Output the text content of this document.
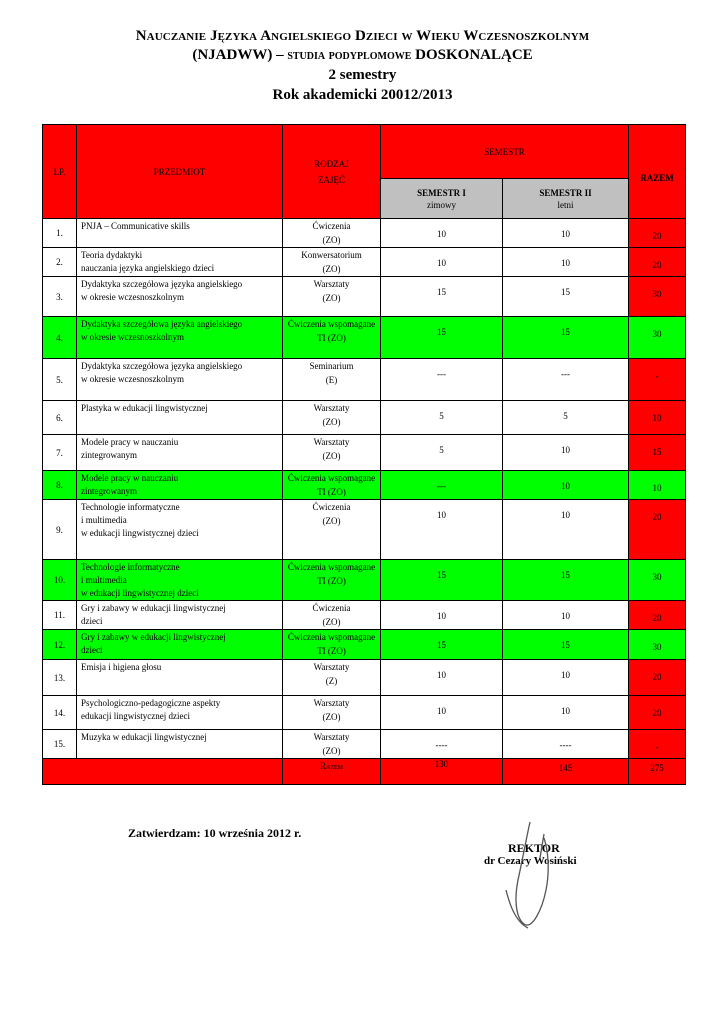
Nauczanie Języka Angielskiego Dzieci w Wieku Wczesnoszkolnym
(NJADWW) – studia podyplomowe DOSKONALĄCE
2 semestry
Rok akademicki 20012/2013
LP.	PRZEDMIOT	RODZAJ
ZAJĘĆ	SEMESTR		RAZEM
			SEMESTR I
zimowy	SEMESTR II
letni	
1.	PNJA – Communicative skills	Ćwiczenia
(ZO)	10	10	20
2.	Teoria dydaktyki
nauczania języka angielskiego dzieci	Konwersatorium
(ZO)	10	10	20
3.	Dydaktyka szczegółowa języka angielskiego
w okresie wczesnoszkolnym	Warsztaty
(ZO)	15	15	30
4.	Dydaktyka szczegółowa języka angielskiego
w okresie wczesnoszkolnym	Ćwiczenia wspomagane
TI (ZO)	15	15	30
5.	Dydaktyka szczegółowa języka angielskiego
w okresie wczesnoszkolnym	Seminarium
(E)	---	---	-
6.	Plastyka w edukacji lingwistycznej	Warsztaty
(ZO)	5	5	10
7.	Modele pracy w nauczaniu
zintegrowanym	Warsztaty
(ZO)	5	10	15
8.	Modele pracy w nauczaniu
zintegrowanym	Ćwiczenia wspomagane
TI (ZO)	---	10	10
9.	Technologie informatyczne
i multimedia
w edukacji lingwistycznej dzieci	Ćwiczenia
(ZO)	10	10	20
10.	Technologie informatyczne
i multimedia
w edukacji lingwistycznej dzieci	Ćwiczenia wspomagane
TI (ZO)	15	15	30
11.	Gry i zabawy w edukacji lingwistycznej
dzieci	Ćwiczenia
(ZO)	10	10	20
12.	Gry i zabawy w edukacji lingwistycznej
dzieci	Ćwiczenia wspomagane
TI (ZO)	15	15	30
13.	Emisja i higiena głosu	Warsztaty
(Z)	10	10	20
14.	Psychologiczno-pedagogiczne aspekty
edukacji lingwistycznej dzieci	Warsztaty
(ZO)	10	10	20
15.	Muzyka w edukacji lingwistycznej	Warsztaty
(ZO)	----	----	-
		Razem	130	145	275
Zatwierdzam: 10 września 2012 r.
REKTOR
dr Cezary Wosiński
